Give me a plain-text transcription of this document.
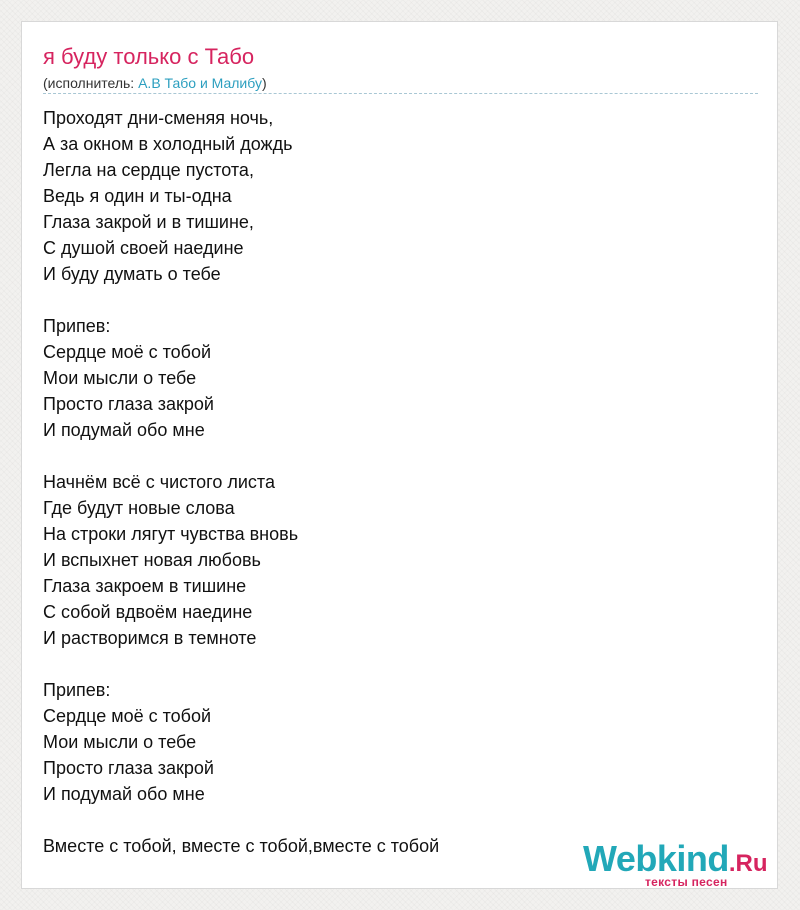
я буду только с Табо
(исполнитель: А.В Табо и Малибу)
Проходят дни-сменяя ночь,
А за окном в холодный дождь
Легла на сердце пустота,
Ведь я один и ты-одна
Глаза закрой и в тишине,
С душой своей наедине
И буду думать о тебе
Припев:
Сердце моё с тобой
Мои мысли о тебе
Просто глаза закрой
И подумай обо мне
Начнём всё с чистого листа
Где будут новые слова
На строки лягут чувства вновь
И вспыхнет новая любовь
Глаза закроем в тишине
С собой вдвоём наедине
И растворимся в темноте
Припев:
Сердце моё с тобой
Мои мысли о тебе
Просто глаза закрой
И подумай обо мне
Вместе с тобой, вместе с тобой,вместе с тобой	Webkind.Ru
тексты песен
